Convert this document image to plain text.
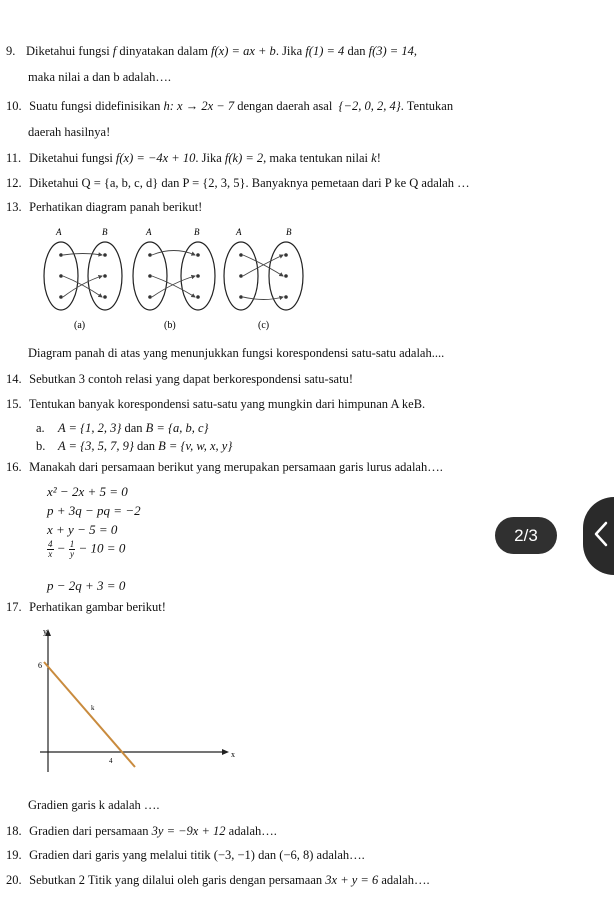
9. Diketahui fungsi f dinyatakan dalam f(x) = ax + b. Jika f(1) = 4 dan f(3) = 14,
maka nilai a dan b adalah….
10. Suatu fungsi didefinisikan h: x → 2x − 7 dengan daerah asal {−2, 0, 2, 4}. Tentukan
daerah hasilnya!
11. Diketahui fungsi f(x) = −4x + 10. Jika f(k) = 2, maka tentukan nilai k!
12. Diketahui Q = {a, b, c, d} dan P = {2, 3, 5}. Banyaknya pemetaan dari P ke Q adalah …
13. Perhatikan diagram panah berikut!
A	B	A	B	A	B
(a)	(b)	(c)
Diagram panah di atas yang menunjukkan fungsi korespondensi satu-satu adalah....
14. Sebutkan 3 contoh relasi yang dapat berkorespondensi satu-satu!
15. Tentukan banyak korespondensi satu-satu yang mungkin dari himpunan A keB.
a. A = {1, 2, 3} dan B = {a, b, c}
b. A = {3, 5, 7, 9} dan B = {v, w, x, y}
16. Manakah dari persamaan berikut yang merupakan persamaan garis lurus adalah….
x² − 2x + 5 = 0
p + 3q − pq = −2
x + y − 5 = 0
$\frac{4}{x} - \frac{1}{y} - 10 = 0$
p − 2q + 3 = 0
17. Perhatikan gambar berikut!
y
x
6
4
k
Gradien garis k adalah ….
18. Gradien dari persamaan 3y = −9x + 12 adalah….
19. Gradien dari garis yang melalui titik (−3, −1) dan (−6, 8) adalah….
20. Sebutkan 2 Titik yang dilalui oleh garis dengan persamaan 3x + y = 6 adalah….
2/3
